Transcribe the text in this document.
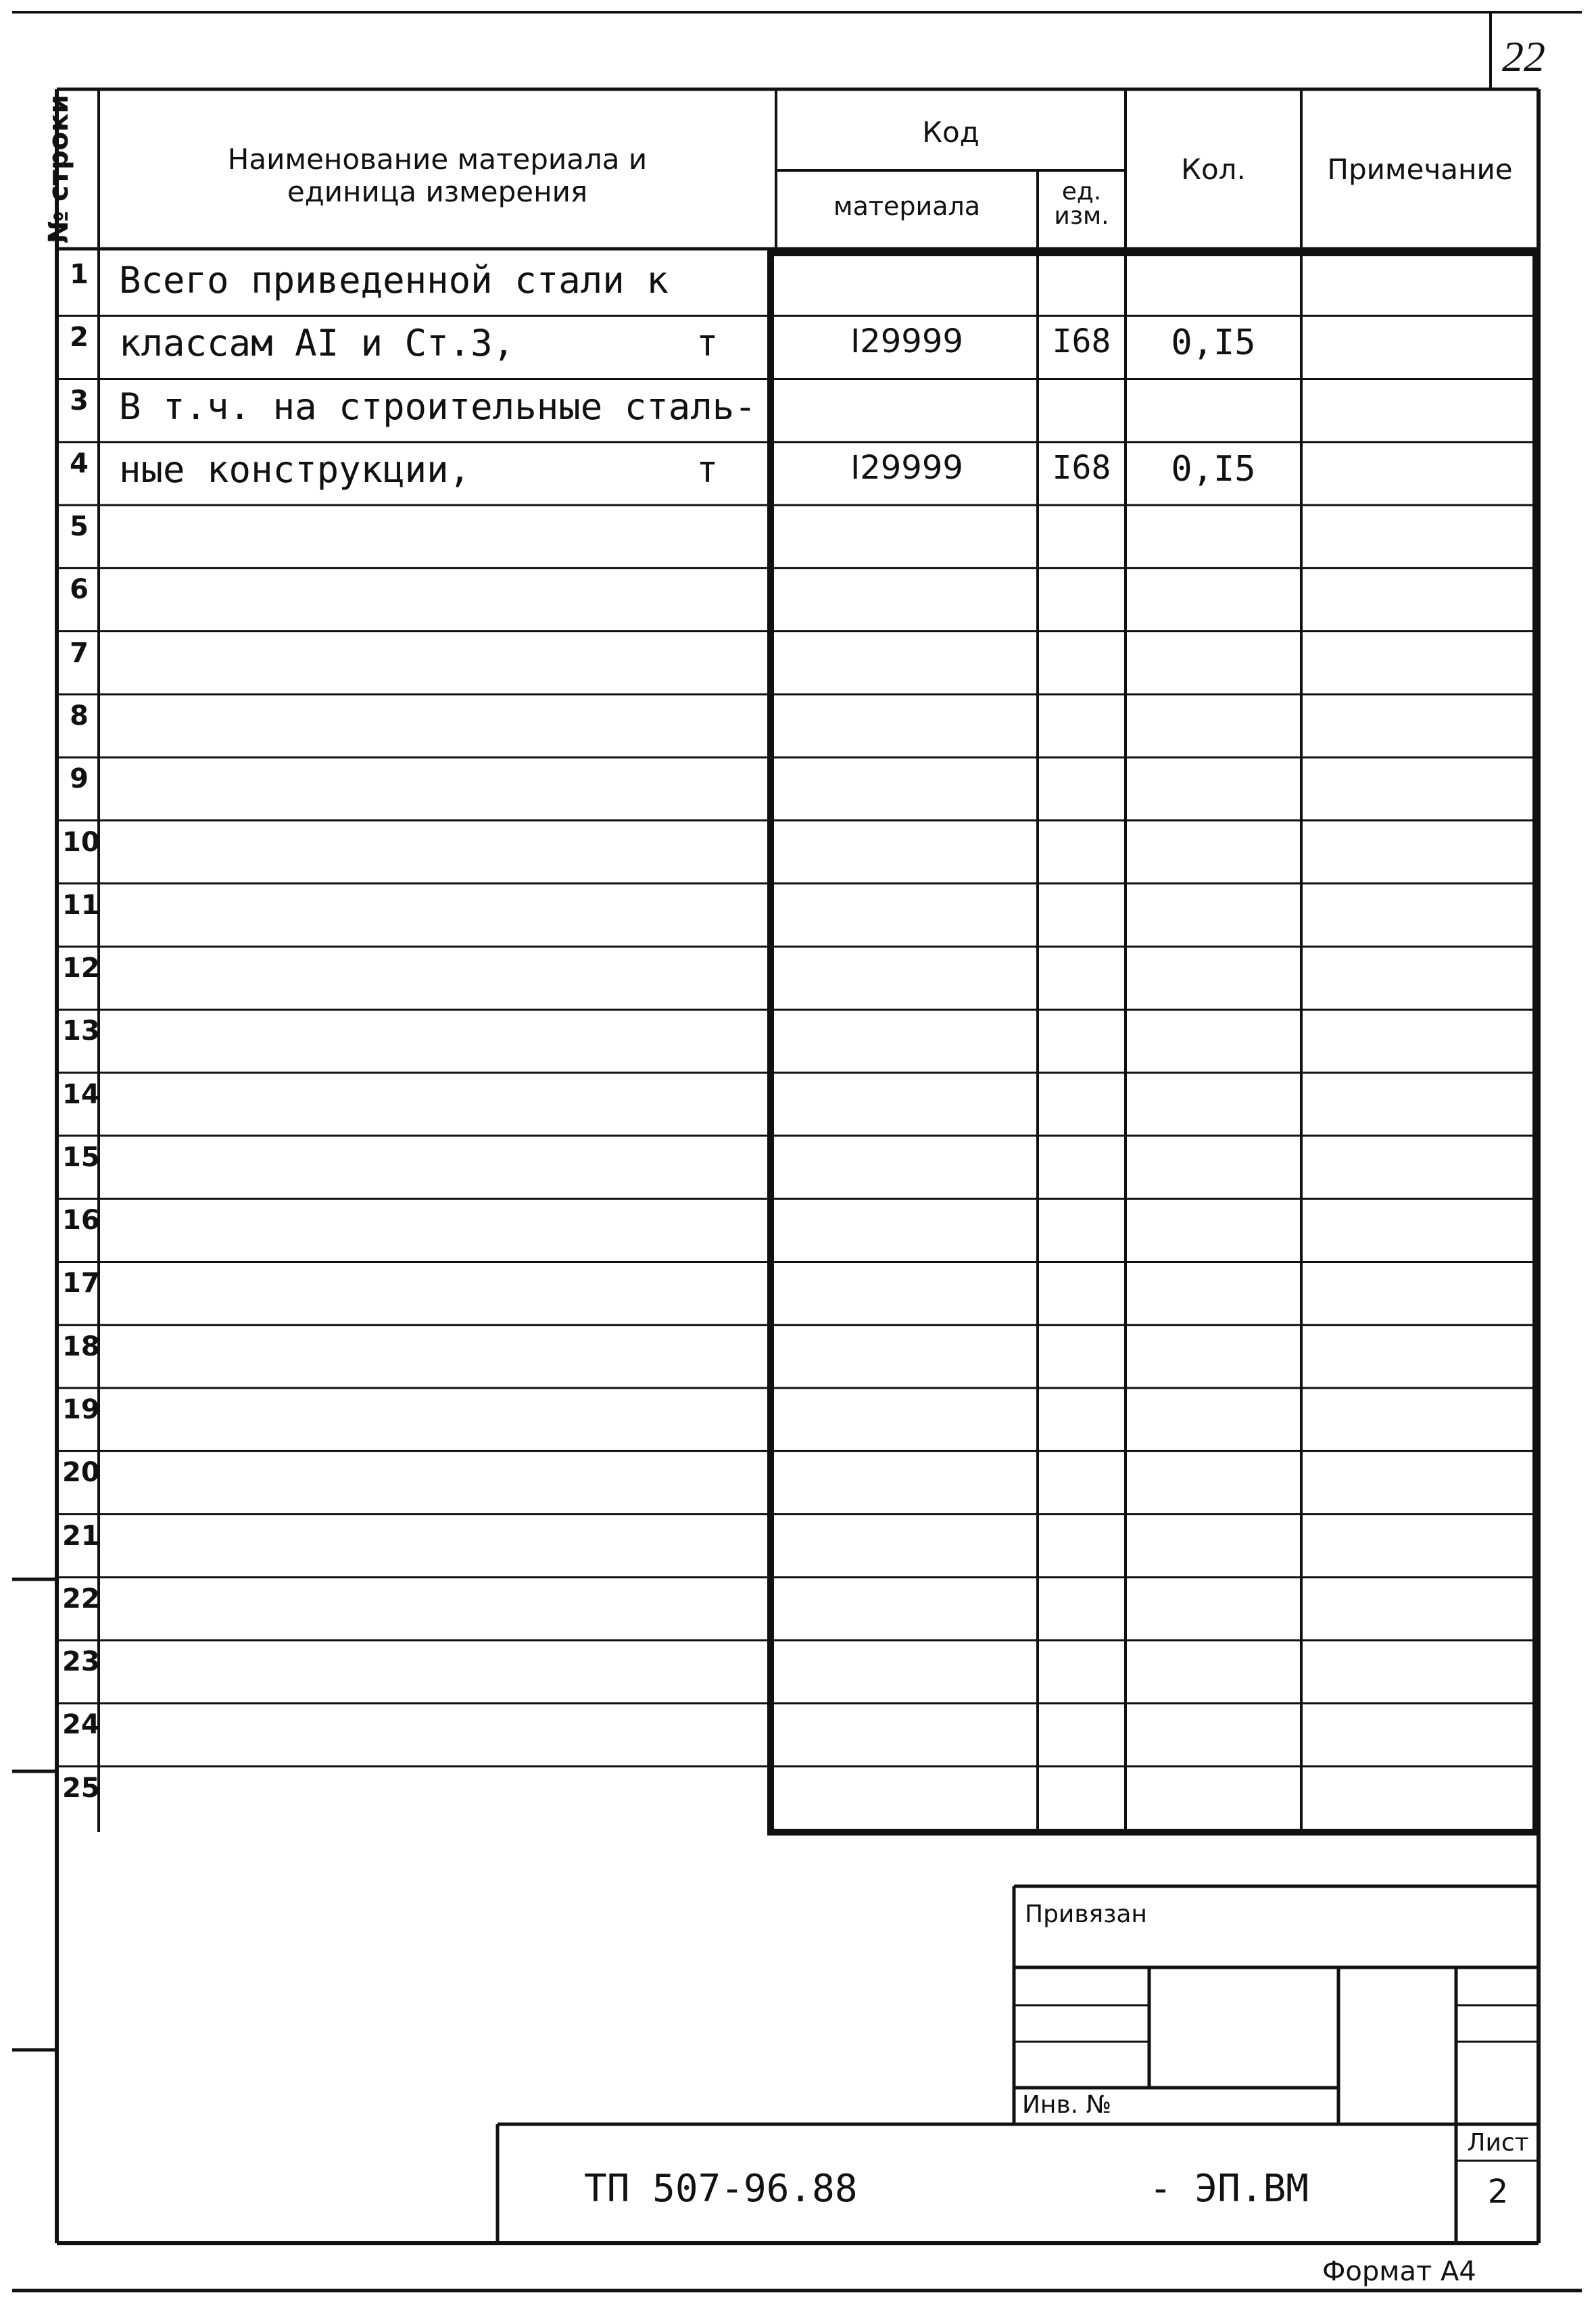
22
№ строки	Наименование материала и
единица измерения
Код
материала	ед.
изм.
Кол.	Примечание
1 Всего приведенной стали к
2 классам АI и Ст.3,	т	I29999	I68	0,I5
3 В т.ч. на строительные сталь-
4 ные конструкции,	т	I29999	I68	0,I5
5
6
7
8
9
10
11
12
13
14
15
16
17
18
19
20
21
22
23
24
25
Привязан
Инв. №
Лист
2
ТП 507-96.88	- ЭП.ВМ
Формат А4
